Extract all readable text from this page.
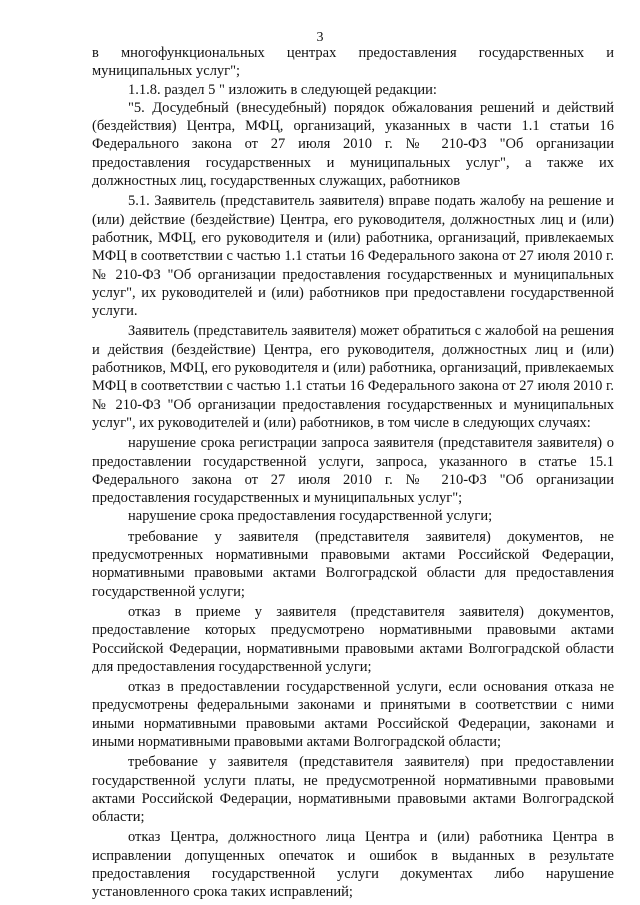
3

в многофункциональных центрах предоставления государственных и муниципальных услуг";

1.1.8. раздел 5 " изложить в следующей редакции:

"5. Досудебный (внесудебный) порядок обжалования решений и действий (бездействия) Центра, МФЦ, организаций, указанных в части 1.1 статьи 16 Федерального закона от 27 июля 2010 г. № 210-ФЗ "Об организации предоставления государственных и муниципальных услуг", а также их должностных лиц, государственных служащих, работников

5.1. Заявитель (представитель заявителя) вправе подать жалобу на решение и (или) действие (бездействие) Центра, его руководителя, должностных лиц и (или) работник, МФЦ, его руководителя и (или) работника, организаций, привлекаемых МФЦ в соответствии с частью 1.1 статьи 16 Федерального закона от 27 июля 2010 г. № 210-ФЗ "Об организации предоставления государственных и муниципальных услуг", их руководителей и (или) работников при предоставлени государственной услуги.

Заявитель (представитель заявителя) может обратиться с жалобой на решения и действия (бездействие) Центра, его руководителя, должностных лиц и (или) работников, МФЦ, его руководителя и (или) работника, организаций, привлекаемых МФЦ в соответствии с частью 1.1 статьи 16 Федерального закона от 27 июля 2010 г. № 210-ФЗ "Об организации предоставления государственных и муниципальных услуг", их руководителей и (или) работников, в том числе в следующих случаях:

нарушение срока регистрации запроса заявителя (представителя заявителя) о предоставлении государственной услуги, запроса, указанного в статье 15.1 Федерального закона от 27 июля 2010 г. № 210-ФЗ "Об организации предоставления государственных и муниципальных услуг";

нарушение срока предоставления государственной услуги;

требование у заявителя (представителя заявителя) документов, не предусмотренных нормативными правовыми актами Российской Федерации, нормативными правовыми актами Волгоградской области для предоставления государственной услуги;

отказ в приеме у заявителя (представителя заявителя) документов, предоставление которых предусмотрено нормативными правовыми актами Российской Федерации, нормативными правовыми актами Волгоградской области для предоставления государственной услуги;

отказ в предоставлении государственной услуги, если основания отказа не предусмотрены федеральными законами и принятыми в соответствии с ними иными нормативными правовыми актами Российской Федерации, законами и иными нормативными правовыми актами Волгоградской области;

требование у заявителя (представителя заявителя) при предоставлении государственной услуги платы, не предусмотренной нормативными правовыми актами Российской Федерации, нормативными правовыми актами Волгоградской области;

отказ Центра, должностного лица Центра и (или) работника Центра в исправлении допущенных опечаток и ошибок в выданных в результате предоставления государственной услуги документах либо нарушение установленного срока таких исправлений;
